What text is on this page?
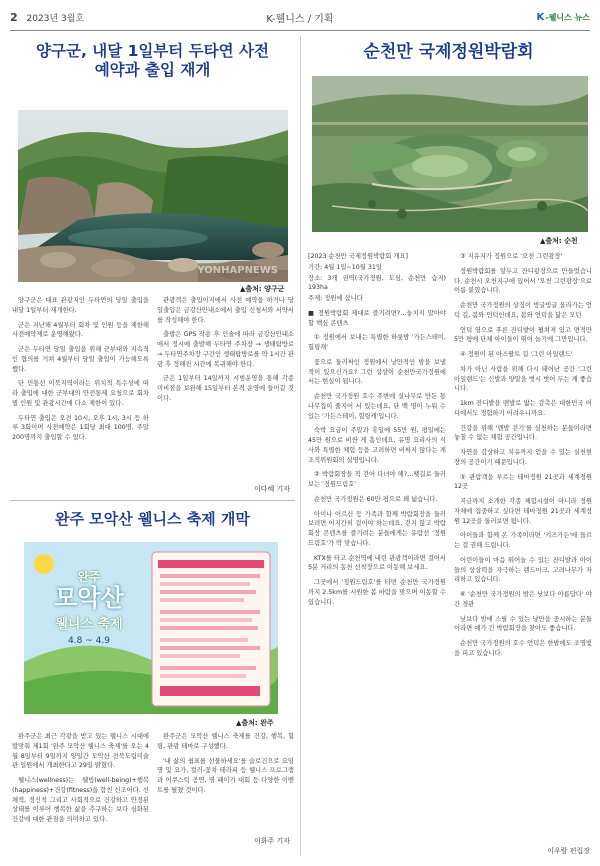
2 2023년 3월호	K-웰니스 / 기획	K -웰니스 뉴스
양구군, 내달 1일부터 두타연 사전
예약과 출입 재개
YONHAPNEWS
▲출처: 양구군

양구군은 대표 관광지인 두타연의 당일 출입을 내달 1일부터 재개한다.

군은 지난해 4월부터 회차 및 인원 등을 제한해 사전예약제로 운영해왔다.

군은 두타연 당일 출입을 위해 군부대와 지속적인 협의를 거쳐 4월부터 당일 출입이 가능해도록 했다.

단 민통선 이북지역이라는 위치적 특수성에 따라 출입에 대한 군부대의 안전통제 요청으로 회차별 인원 및 관광시간에 다소 제한이 있다.

두타연 출입은 오전 10시, 오후 1시, 3시 등 하루 3회이며 사전예약은 1회당 최대 100명, 주말 200명까지 출입할 수 있다.

관광객은 출입이지에서 사전 예약을 하거나 당일출입은 금강산안내소에서 출입 신청서와 서약서를 작성해야 한다.

출발은 GPS 작용 후 인솔에 따라 금강산안내소에서 정시에 출발해 두타연 주차장 → 생태탐방로 → 두타연주차장 구간인 생태탐방로를 약 1시간 관광 후 정해진 시간에 복귀해야 한다.

군은 1일부터 14일까지 시범운영을 통해 각종 미비점을 보완해 15일부터 본격 운영에 들어갈 것이다.

이다혜 기자
완주 모악산 웰니스 축제 개막
완주
모악산
웰니스 축제
4.8 ~ 4.9
▲출처: 완주

완주군은 최근 각광을 받고 있는 웰니스 시대에 발맞춰 제1회 '완주 모악산 웰니스 축제'를 오는 4월 8일부터 9일까지 양일간 모악산 전북도립미술관 일원에서 개최한다고 29일 밝혔다.

웰니스(wellness)는 웰빙(well-being)+행복(happiness)+건강(fitness)을 합친 신조어다. 신체적, 정신적 그리고 사회적으로 건강하고 안정된 상태를 이루어 행복한 삶을 추구하는 보다 심화된 건강에 대한 관점을 의미하고 있다.

완주군은 모악산 웰니스 축제를 건강, 행복, 힐링, 관광 테마로 구성했다.

'내 삶의 쉼표를 선물하세요'를 슬로건으로 요임명 및 요가, 컬러-꽃차 테라피 등 웰니스 프로그램과 어쿠스틱 공연, 명 패이기 대회 등 다양한 이벤트를 펼쳤 것이다.

이화주 기자
순천만 국제정원박람회
▲출처: 순천

[2023 순천만 국제정원박람회 개요]

기간: 4월 1일~10월 31일

장소: 3개 권역(국가정원, 도심, 순천만 습지) 193ha

주제: 정원에 삽니다

■ 정원박람회 제대로 즐기려면?…놓치지 말아야 할 핵심 콘텐츠

① 정원에서 보내는 특별한 하룻밤 '가든스테이, 힐링캐'

꽃으로 둘러싸인 정원에서 낭만적인 밤을 보낼 적이 있으신가요? 그런 상상이 순천만국가정원에서는 현실이 됩니다.

순천만 국가정원 호수 주변에 실나무로 만든 통나무집이 줄지어 서 있는데요, 단 백 명이 누워 수 있는 '가든스테이, 힐링캐'입니다.

숙박 요금이 주말과 휴일에 55만 원, 평일에는 45만 원으로 비싼 게 흠인데요, 유명 요리사의 식사와 특별한 체험 등을 고려하면 비싸지 않다는 게 조직위원회의 설명입니다.

② 박람회장을 직 걷어 다녀야 해?…뗏길로 둘러보는 '정원드림호'

순천만 국가정원은 60만 평으로 꽤 넓습니다.

아이나 어르신 등 가족과 함께 박람회장을 둘러보려면 어지간히 걸어야 하는데요, 걷지 않고 박람회장 콘텐츠를 즐기려는 분들에게는 유람선 '정원드림호'가 딱 맞습니다.

KTX를 타고 순천역에 내린 관광객이라면 걸어서 5분 거리의 동천 선착장으로 이동해 보세요.

그곳에서 '정원드림호'를 타면 순천만 국가정원까지 2.5km를 시원한 봄 바람을 맞으며 이동할 수 있습니다.

③ 지유지가 정원으로 '오천 그린광장'

정원박람회를 앞두고 잔디광장으로 만들었습니다. 순천시 오천지구에 있어서 '오천 그린광장'으로 이름 붙였습니다.

순천만 국가정원의 상징이 빙글빙글 올라가는 언덕 길, 봄와 언덕인데요, 봄와 언덕을 닮은 모던

언덕 옆으로 푸른 잔디밭이 펼쳐져 있고 면적만 5만 평에 단체 아이들이 뛰어 놀기에 그만입니다.

④ 정원이 된 아스팔트 길 '그린 아일랜드'

차가 아닌 사람을 위해 다시 태어난 공간 '그린 아일랜드'는 신발과 양말을 벗시 벗어 두는 게 좋습니다.

1km 잔디밭을 맨발로 밟는 감촉은 대한민국 어디에서도 경험하기 어려우니까요.

건강을 위해 '맨발 걷기'를 실천하는 분들이라면 놓칠 수 없는 체험 공간입니다.

자연을 감상하고 치유까지 얻을 수 있는 실천현장의 공간이기 때문입니다.

⑤ 관람객을 부르는 테마정원 21곳과 세계정원 12곳

지금까지 소개한 각종 체험시설이 아니라 정원 자체에 집중하고 싶다면 테마정원 21곳과 세계정원 12곳을 둘러보면 됩니다.

아이들과 함께 온 가족이라면 '키즈가든'에 들르는 걸 권해 드립니다.

어린이들이 마음 뛰어놀 수 있는 잔디밭과 아이들의 상상력을 자극하는 랜드마크, 고려나무가 자리하고 있습니다.

⑥ '순천만 국가정원의 밤은 낮보다 아름답다' 야간 경관

낮보다 밤에 스릴 수 있는 낭만을 중시하는 분들이라면 예가 긴 박람회장을 찾아도 좋습니다.

순천만 국가정원의 호수 언덕은 한밤에도 조명빛을 피고 있습니다.

이우람 편집장
